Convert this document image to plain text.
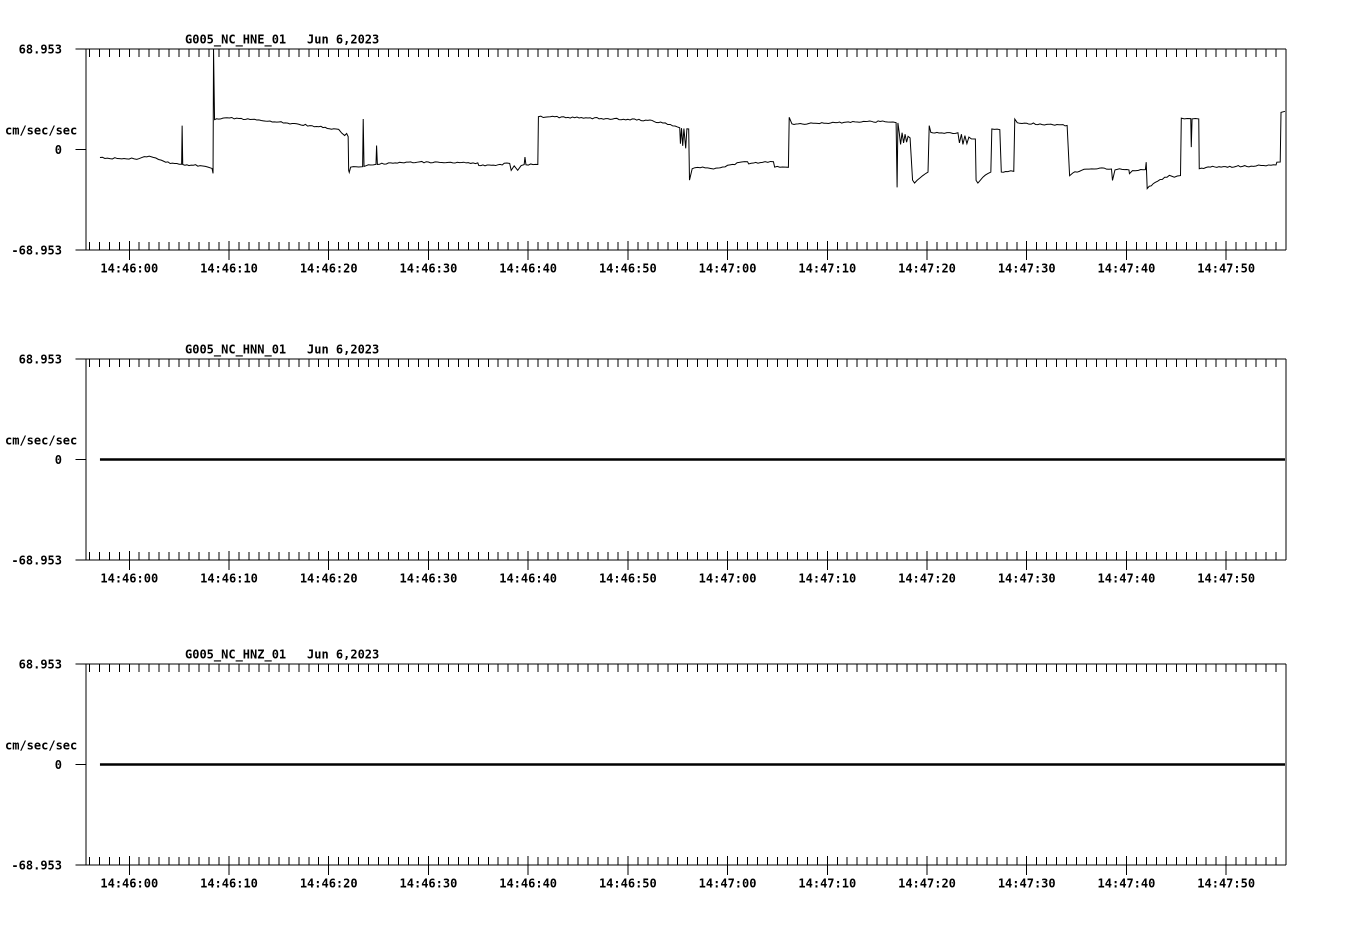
G005_NC_HNE_01 Jun 6,2023
68.953
0
-68.953
cm/sec/sec
14:46:00	14:46:10	14:46:20	14:46:30	14:46:40	14:46:50	14:47:00	14:47:10	14:47:20	14:47:30	14:47:40	14:47:50
G005_NC_HNN_01 Jun 6,2023
68.953
0
-68.953
cm/sec/sec
14:46:00	14:46:10	14:46:20	14:46:30	14:46:40	14:46:50	14:47:00	14:47:10	14:47:20	14:47:30	14:47:40	14:47:50
G005_NC_HNZ_01 Jun 6,2023
68.953
0
-68.953
cm/sec/sec
14:46:00	14:46:10	14:46:20	14:46:30	14:46:40	14:46:50	14:47:00	14:47:10	14:47:20	14:47:30	14:47:40	14:47:50
